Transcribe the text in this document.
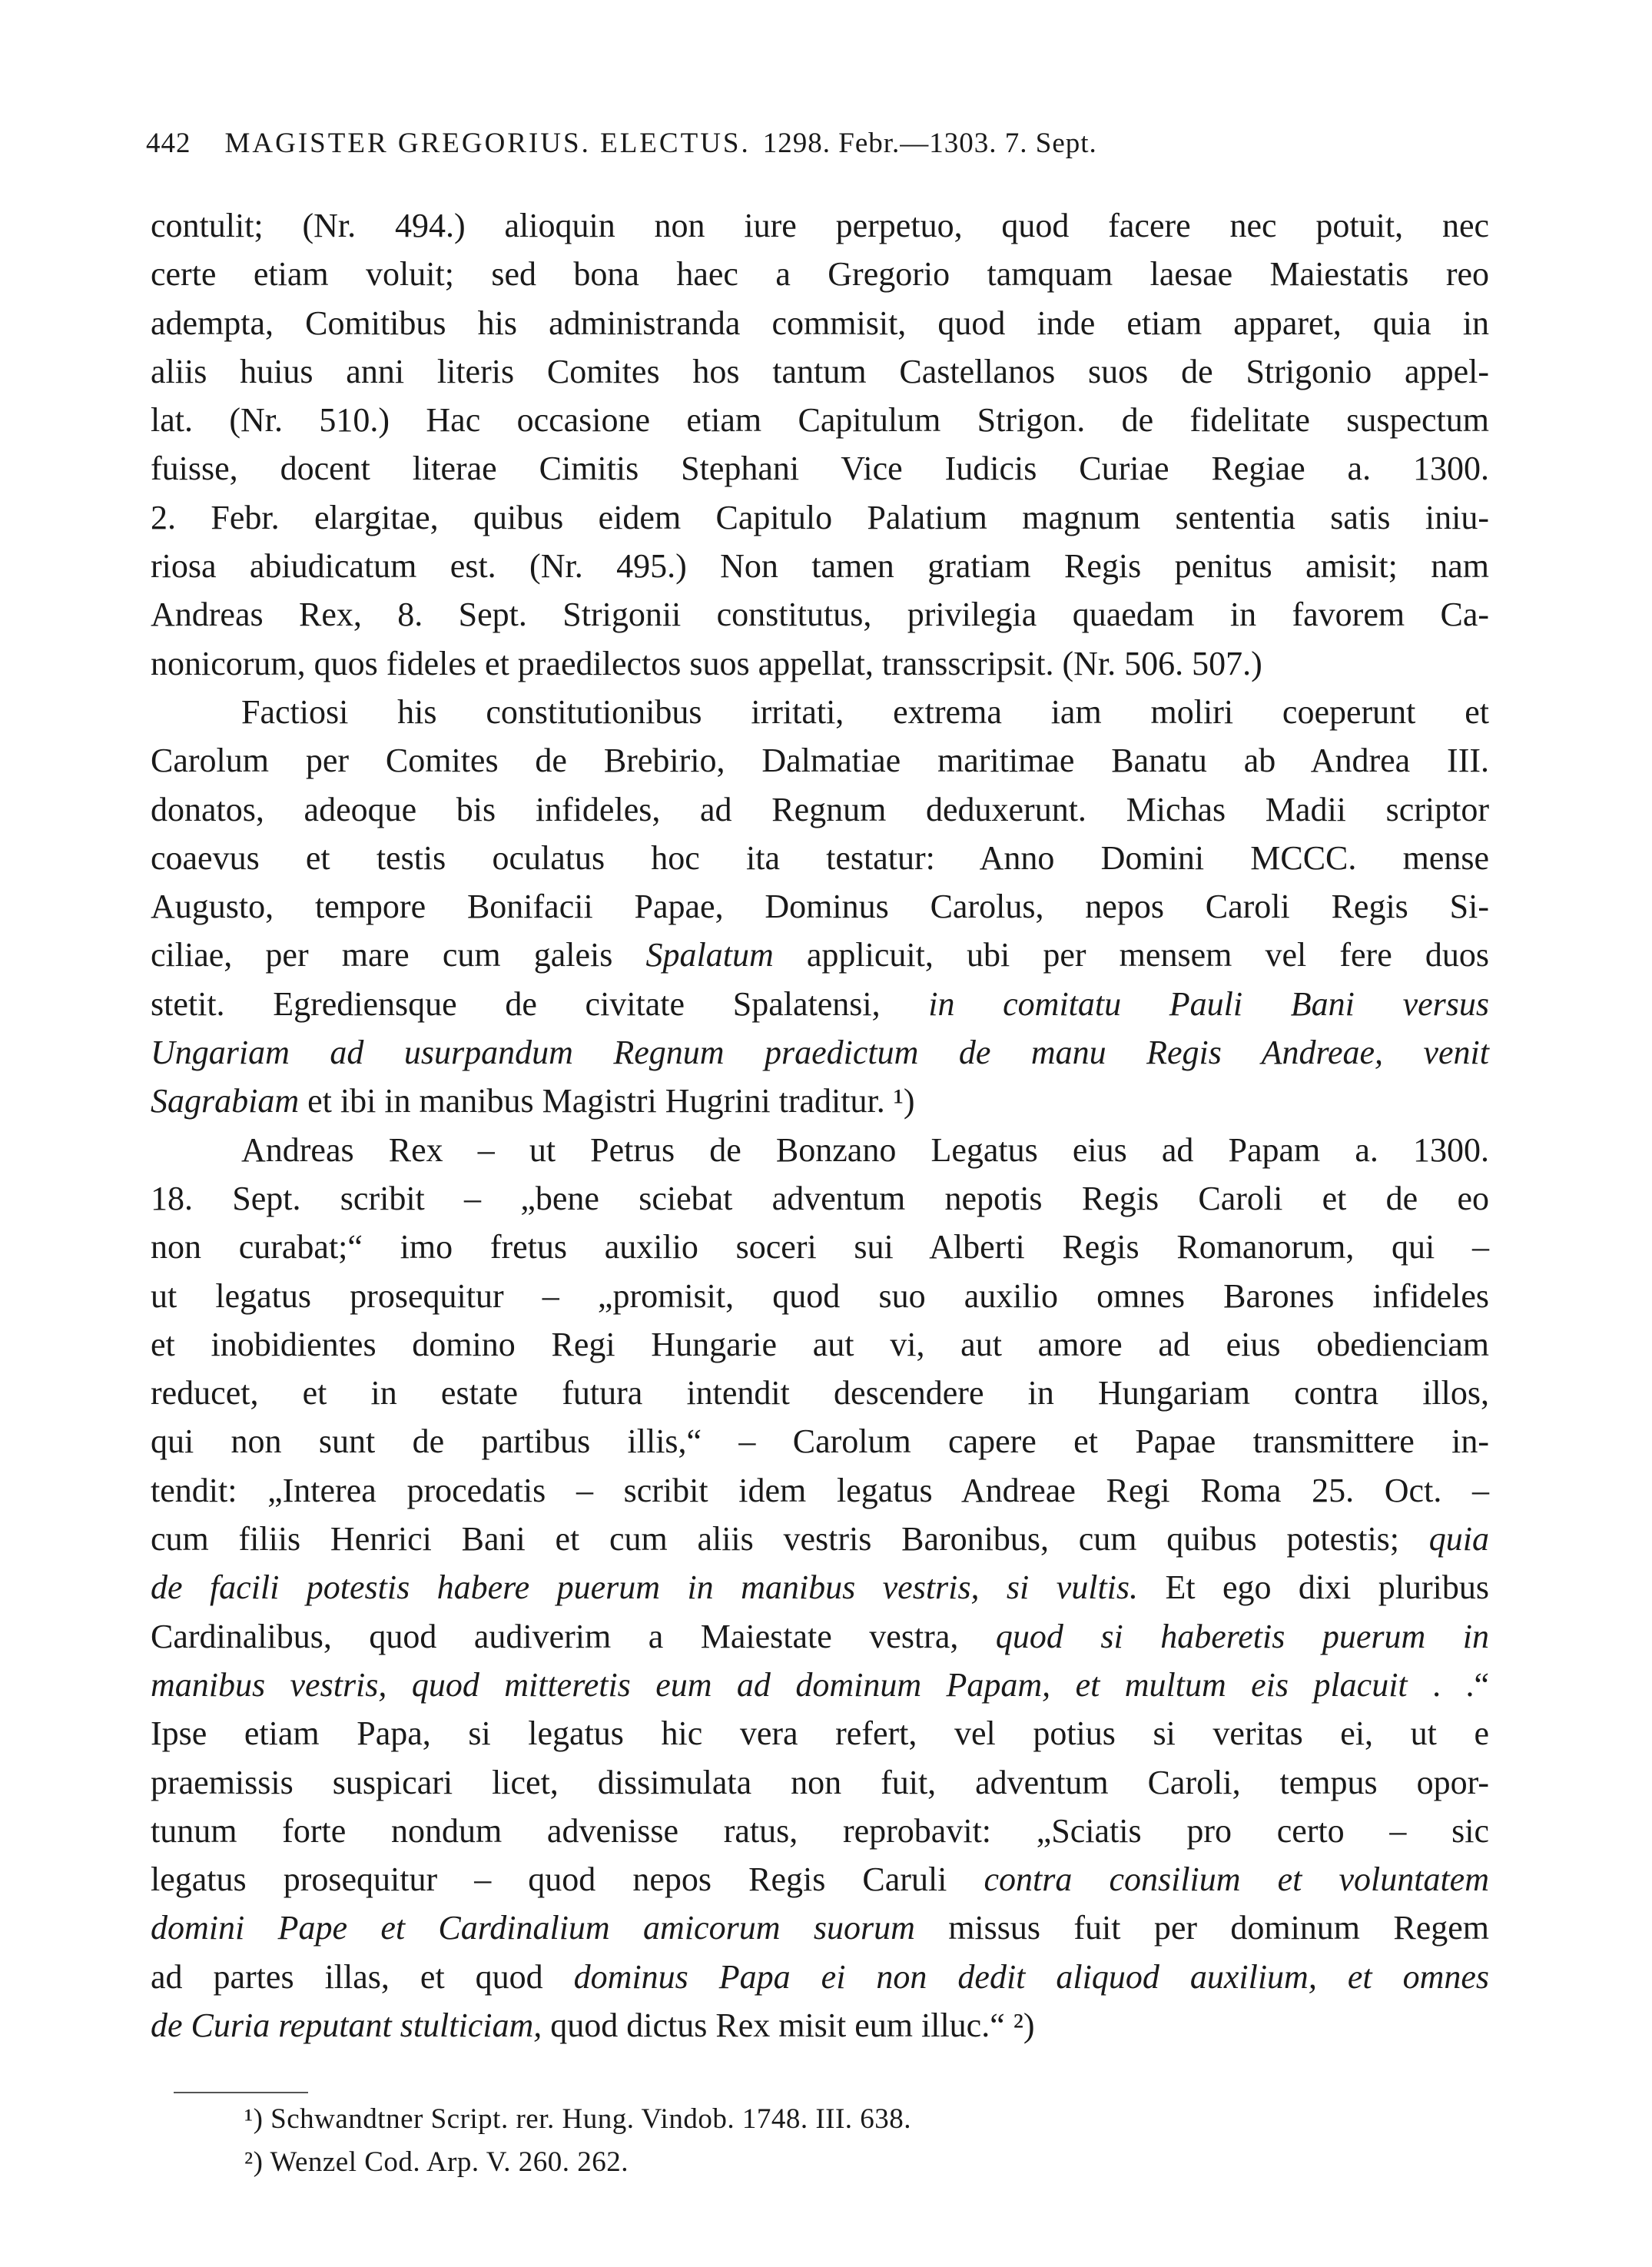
442 MAGISTER GREGORIUS. ELECTUS. 1298. Febr.—1303. 7. Sept.
contulit; (Nr. 494.) alioquin non iure perpetuo, quod facere nec potuit, nec
certe etiam voluit; sed bona haec a Gregorio tamquam laesae Maiestatis reo
adempta, Comitibus his administranda commisit, quod inde etiam apparet, quia in
aliis huius anni literis Comites hos tantum Castellanos suos de Strigonio appel-
lat. (Nr. 510.) Hac occasione etiam Capitulum Strigon. de fidelitate suspectum
fuisse, docent literae Cimitis Stephani Vice Iudicis Curiae Regiae a. 1300.
2. Febr. elargitae, quibus eidem Capitulo Palatium magnum sententia satis iniu-
riosa abiudicatum est. (Nr. 495.) Non tamen gratiam Regis penitus amisit; nam
Andreas Rex, 8. Sept. Strigonii constitutus, privilegia quaedam in favorem Ca-
nonicorum, quos fideles et praedilectos suos appellat, transscripsit. (Nr. 506. 507.)
Factiosi his constitutionibus irritati, extrema iam moliri coeperunt et
Carolum per Comites de Brebirio, Dalmatiae maritimae Banatu ab Andrea III.
donatos, adeoque bis infideles, ad Regnum deduxerunt. Michas Madii scriptor
coaevus et testis oculatus hoc ita testatur: Anno Domini MCCC. mense
Augusto, tempore Bonifacii Papae, Dominus Carolus, nepos Caroli Regis Si-
ciliae, per mare cum galeis Spalatum applicuit, ubi per mensem vel fere duos
stetit. Egrediensque de civitate Spalatensi, in comitatu Pauli Bani versus
Ungariam ad usurpandum Regnum praedictum de manu Regis Andreae, venit
Sagrabiam et ibi in manibus Magistri Hugrini traditur. ¹)
Andreas Rex – ut Petrus de Bonzano Legatus eius ad Papam a. 1300.
18. Sept. scribit – „bene sciebat adventum nepotis Regis Caroli et de eo
non curabat;“ imo fretus auxilio soceri sui Alberti Regis Romanorum, qui –
ut legatus prosequitur – „promisit, quod suo auxilio omnes Barones infideles
et inobidientes domino Regi Hungarie aut vi, aut amore ad eius obedienciam
reducet, et in estate futura intendit descendere in Hungariam contra illos,
qui non sunt de partibus illis,“ – Carolum capere et Papae transmittere in-
tendit: „Interea procedatis – scribit idem legatus Andreae Regi Roma 25. Oct. –
cum filiis Henrici Bani et cum aliis vestris Baronibus, cum quibus potestis; quia
de facili potestis habere puerum in manibus vestris, si vultis. Et ego dixi pluribus
Cardinalibus, quod audiverim a Maiestate vestra, quod si haberetis puerum in
manibus vestris, quod mitteretis eum ad dominum Papam, et multum eis placuit . .“
Ipse etiam Papa, si legatus hic vera refert, vel potius si veritas ei, ut e
praemissis suspicari licet, dissimulata non fuit, adventum Caroli, tempus opor-
tunum forte nondum advenisse ratus, reprobavit: „Sciatis pro certo – sic
legatus prosequitur – quod nepos Regis Caruli contra consilium et voluntatem
domini Pape et Cardinalium amicorum suorum missus fuit per dominum Regem
ad partes illas, et quod dominus Papa ei non dedit aliquod auxilium, et omnes
de Curia reputant stulticiam, quod dictus Rex misit eum illuc.“ ²)
¹) Schwandtner Script. rer. Hung. Vindob. 1748. III. 638.
²) Wenzel Cod. Arp. V. 260. 262.
